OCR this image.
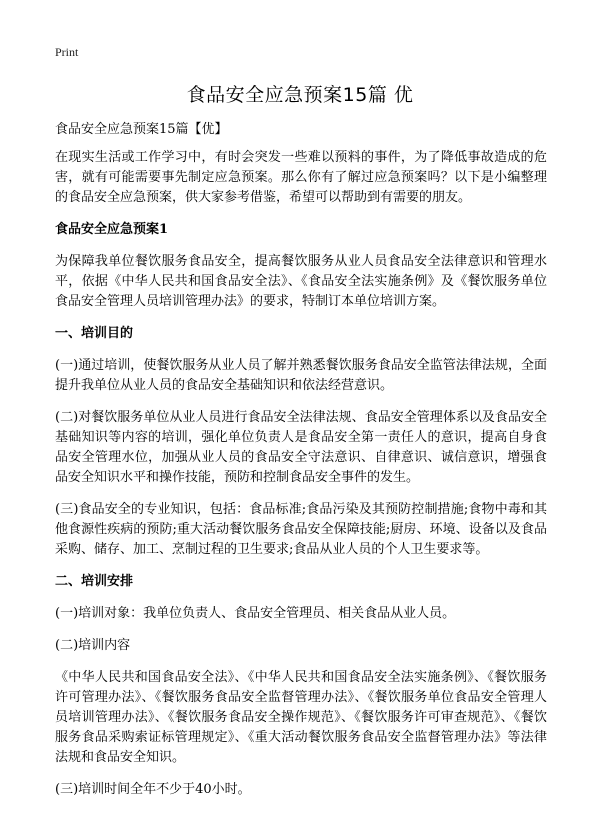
Print
食品安全应急预案15篇 优
食品安全应急预案15篇【优】

在现实生活或工作学习中，有时会突发一些难以预料的事件，为了降低事故造成的危害，就有可能需要事先制定应急预案。那么你有了解过应急预案吗？以下是小编整理的食品安全应急预案，供大家参考借鉴，希望可以帮助到有需要的朋友。

食品安全应急预案1

为保障我单位餐饮服务食品安全，提高餐饮服务从业人员食品安全法律意识和管理水平，依据《中华人民共和国食品安全法》、《食品安全法实施条例》及《餐饮服务单位食品安全管理人员培训管理办法》的要求，特制订本单位培训方案。

一、培训目的

(一)通过培训，使餐饮服务从业人员了解并熟悉餐饮服务食品安全监管法律法规，全面提升我单位从业人员的食品安全基础知识和依法经营意识。

(二)对餐饮服务单位从业人员进行食品安全法律法规、食品安全管理体系以及食品安全基础知识等内容的培训，强化单位负责人是食品安全第一责任人的意识，提高自身食品安全管理水位，加强从业人员的食品安全守法意识、自律意识、诚信意识，增强食品安全知识水平和操作技能，预防和控制食品安全事件的发生。

(三)食品安全的专业知识，包括：食品标准;食品污染及其预防控制措施;食物中毒和其他食源性疾病的预防;重大活动餐饮服务食品安全保障技能;厨房、环境、设备以及食品采购、储存、加工、烹制过程的卫生要求;食品从业人员的个人卫生要求等。

二、培训安排

(一)培训对象：我单位负责人、食品安全管理员、相关食品从业人员。

(二)培训内容

《中华人民共和国食品安全法》、《中华人民共和国食品安全法实施条例》、《餐饮服务许可管理办法》、《餐饮服务食品安全监督管理办法》、《餐饮服务单位食品安全管理人员培训管理办法》、《餐饮服务食品安全操作规范》、《餐饮服务许可审查规范》、《餐饮服务食品采购索证标管理规定》、《重大活动餐饮服务食品安全监督管理办法》等法律法规和食品安全知识。

(三)培训时间全年不少于40小时。
